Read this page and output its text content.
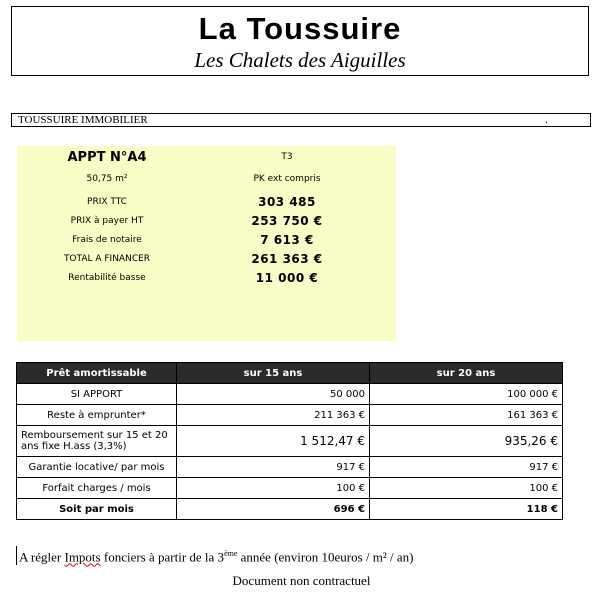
La Toussuire
Les Chalets des Aiguilles
TOUSSUIRE IMMOBILIER	.
APPT N°A4	T3
50,75 m²	PK ext compris
PRIX TTC	303 485
PRIX à payer HT	253 750 €
Frais de notaire	7 613 €
TOTAL A FINANCER	261 363 €
Rentabilité basse	11 000 €
Prêt amortissable	sur 15 ans	sur 20 ans
SI APPORT	50 000	100 000 €
Reste à emprunter*	211 363 €	161 363 €
Remboursement sur 15 et 20 ans fixe H.ass (3,3%)	1 512,47 €	935,26 €
Garantie locative/ par mois	917 €	917 €
Forfait charges / mois	100 €	100 €
Soit par mois	696 €	118 €
A régler Impots fonciers à partir de la 3ème année (environ 10euros / m² / an)
Document non contractuel
